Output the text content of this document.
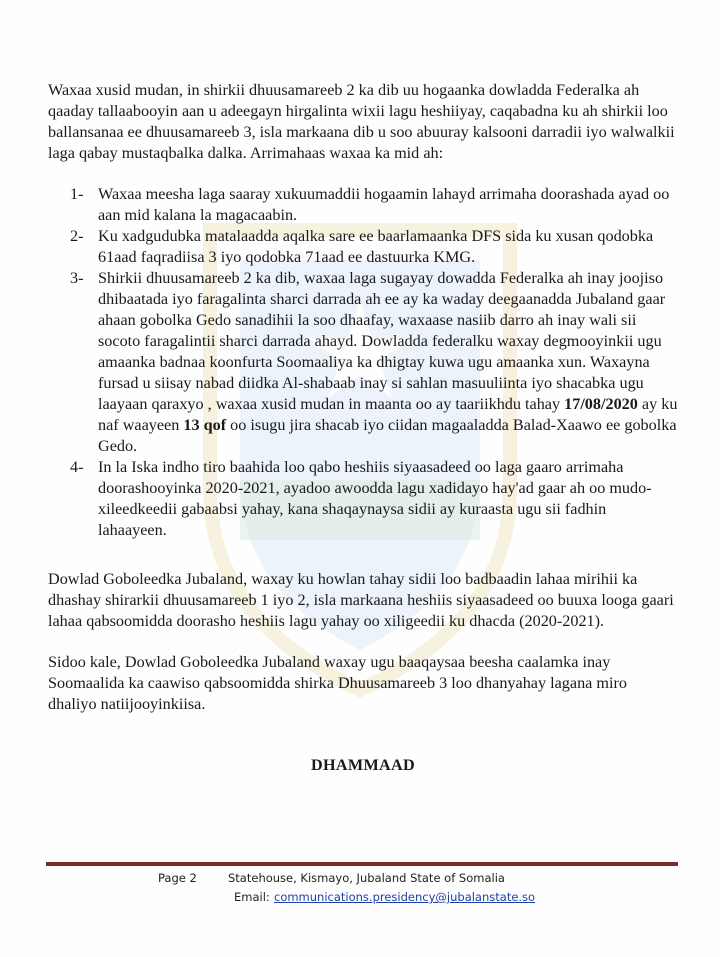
Waxaa xusid mudan, in shirkii dhuusamareeb 2 ka dib uu hogaanka dowladda Federalka ah qaaday tallaabooyin aan u adeegayn hirgalinta wixii lagu heshiiyay, caqabadna ku ah shirkii loo ballansanaa ee dhuusamareeb 3, isla markaana dib u soo abuuray kalsooni darradii iyo walwalkii laga qabay mustaqbalka dalka. Arrimahaas waxaa ka mid ah:

1- Waxaa meesha laga saaray xukuumaddii hogaamin lahayd arrimaha doorashada ayad oo aan mid kalana la magacaabin.
2- Ku xadgudubka matalaadda aqalka sare ee baarlamaanka DFS sida ku xusan qodobka 61aad faqradiisa 3 iyo qodobka 71aad ee dastuurka KMG.
3- Shirkii dhuusamareeb 2 ka dib, waxaa laga sugayay dowadda Federalka ah inay joojiso dhibaatada iyo faragalinta sharci darrada ah ee ay ka waday deegaanadda Jubaland gaar ahaan gobolka Gedo sanadihii la soo dhaafay, waxaase nasiib darro ah inay wali sii socoto faragalintii sharci darrada ahayd. Dowladda federalku waxay degmooyinkii ugu amaanka badnaa koonfurta Soomaaliya ka dhigtay kuwa ugu amaanka xun. Waxayna fursad u siisay nabad diidka Al-shabaab inay si sahlan masuuliinta iyo shacabka ugu laayaan qaraxyo , waxaa xusid mudan in maanta oo ay taariikhdu tahay 17/08/2020 ay ku naf waayeen 13 qof oo isugu jira shacab iyo ciidan magaaladda Balad-Xaawo ee gobolka Gedo.
4- In la Iska indho tiro baahida loo qabo heshiis siyaasadeed oo laga gaaro arrimaha doorashooyinka 2020-2021, ayadoo awoodda lagu xadidayo hay'ad gaar ah oo mudo-xileedkeedii gabaabsi yahay, kana shaqaynaysa sidii ay kuraasta ugu sii fadhin lahaayeen.

Dowlad Goboleedka Jubaland, waxay ku howlan tahay sidii loo badbaadin lahaa mirihii ka dhashay shirarkii dhuusamareeb 1 iyo 2, isla markaana heshiis siyaasadeed oo buuxa looga gaari lahaa qabsoomidda doorasho heshiis lagu yahay oo xiligeedii ku dhacda (2020-2021).

Sidoo kale, Dowlad Goboleedka Jubaland waxay ugu baaqaysaa beesha caalamka inay Soomaalida ka caawiso qabsoomidda shirka Dhuusamareeb 3 loo dhanyahay lagana miro dhaliyo natiijooyinkiisa.

DHAMMAAD

Page 2	Statehouse, Kismayo, Jubaland State of Somalia
Email: communications.presidency@jubalanstate.so
